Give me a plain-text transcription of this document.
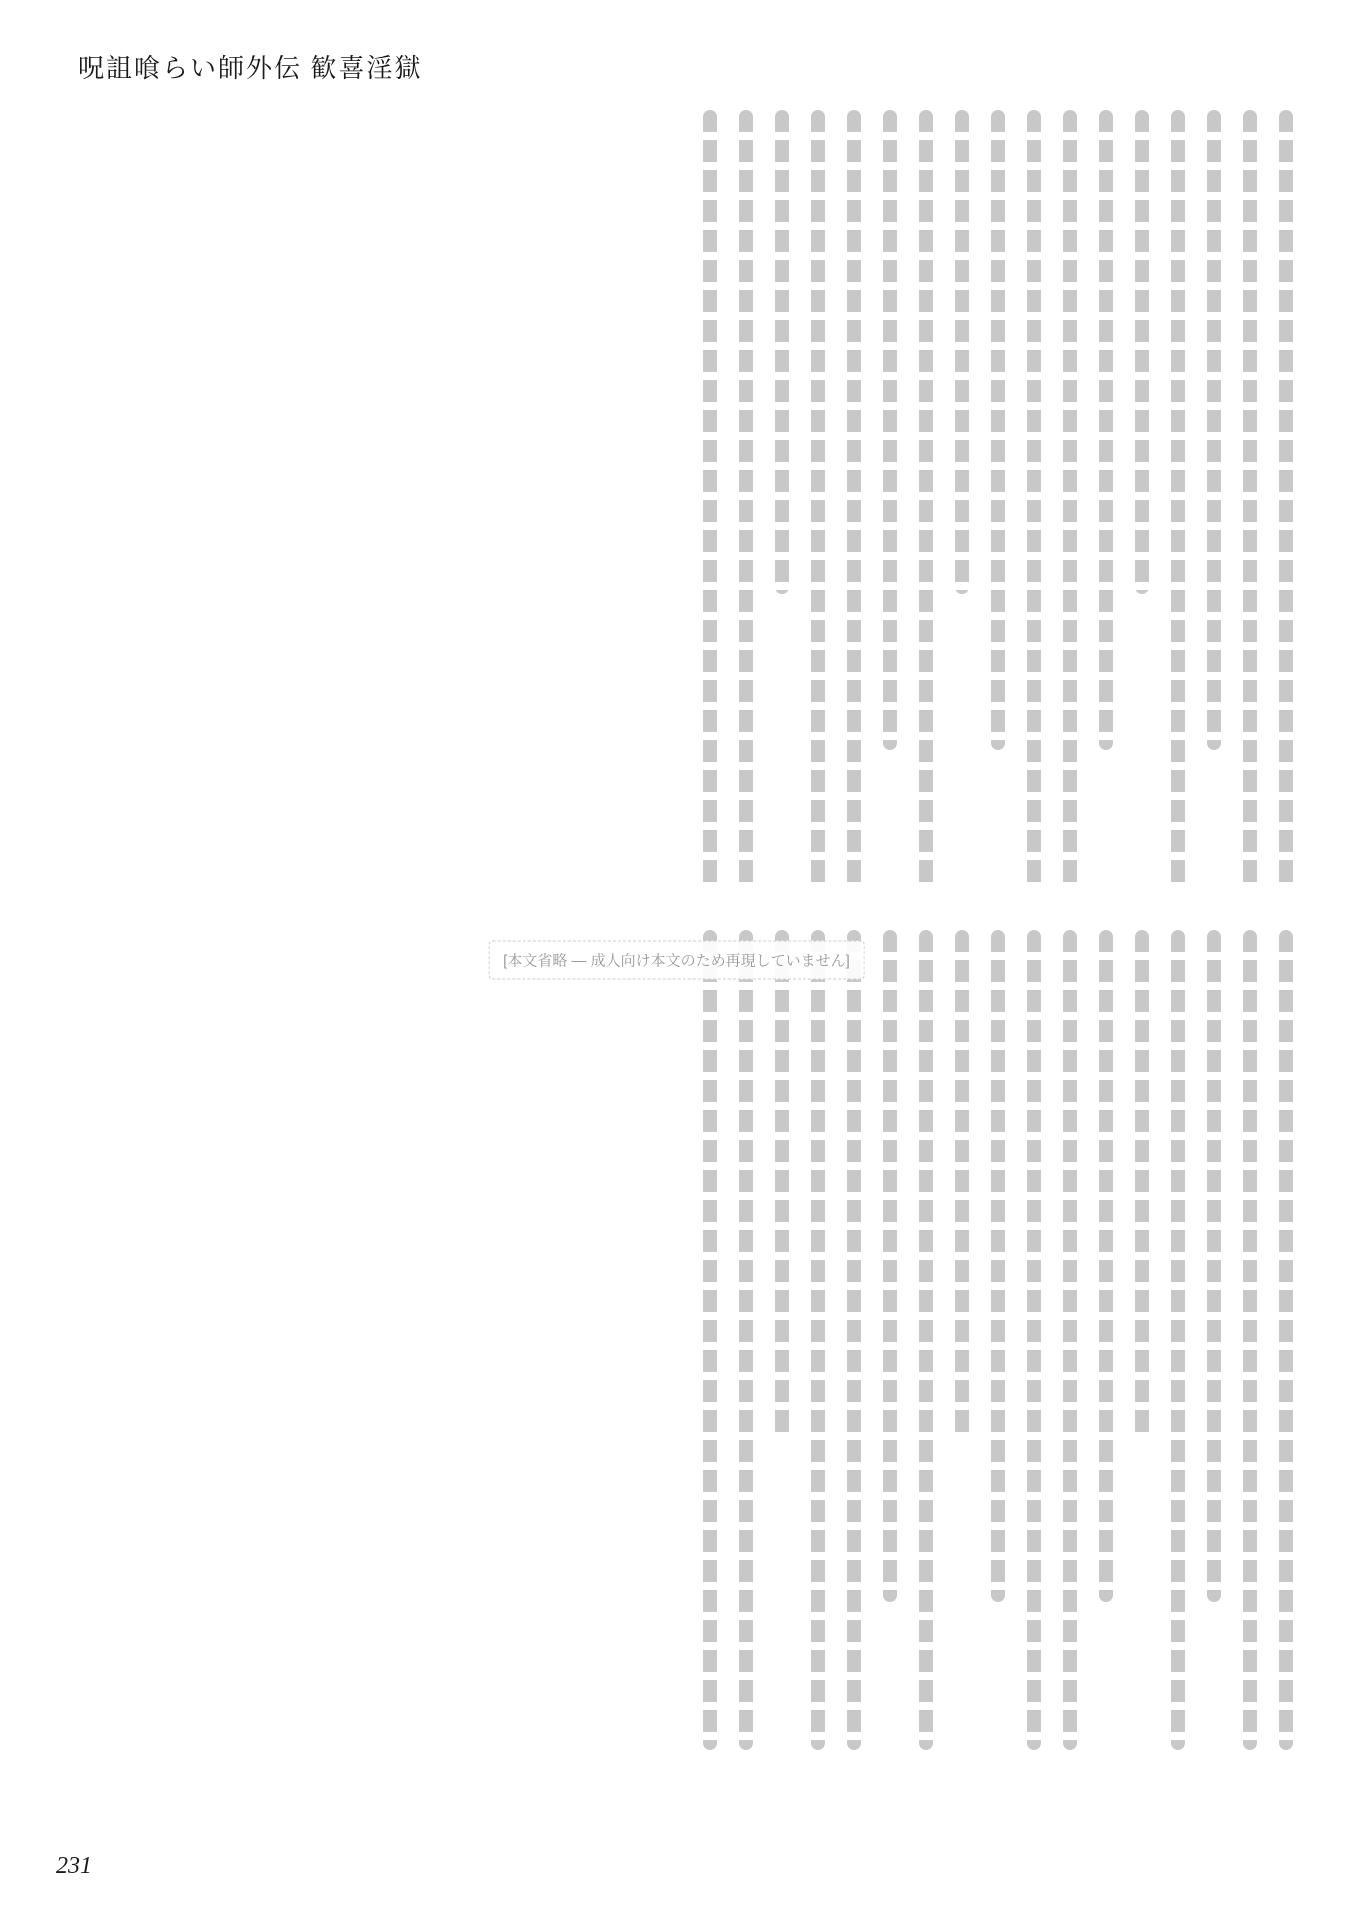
呪詛喰らい師外伝 歓喜淫獄
[本文省略 — 成人向け本文のため再現していません]
231
